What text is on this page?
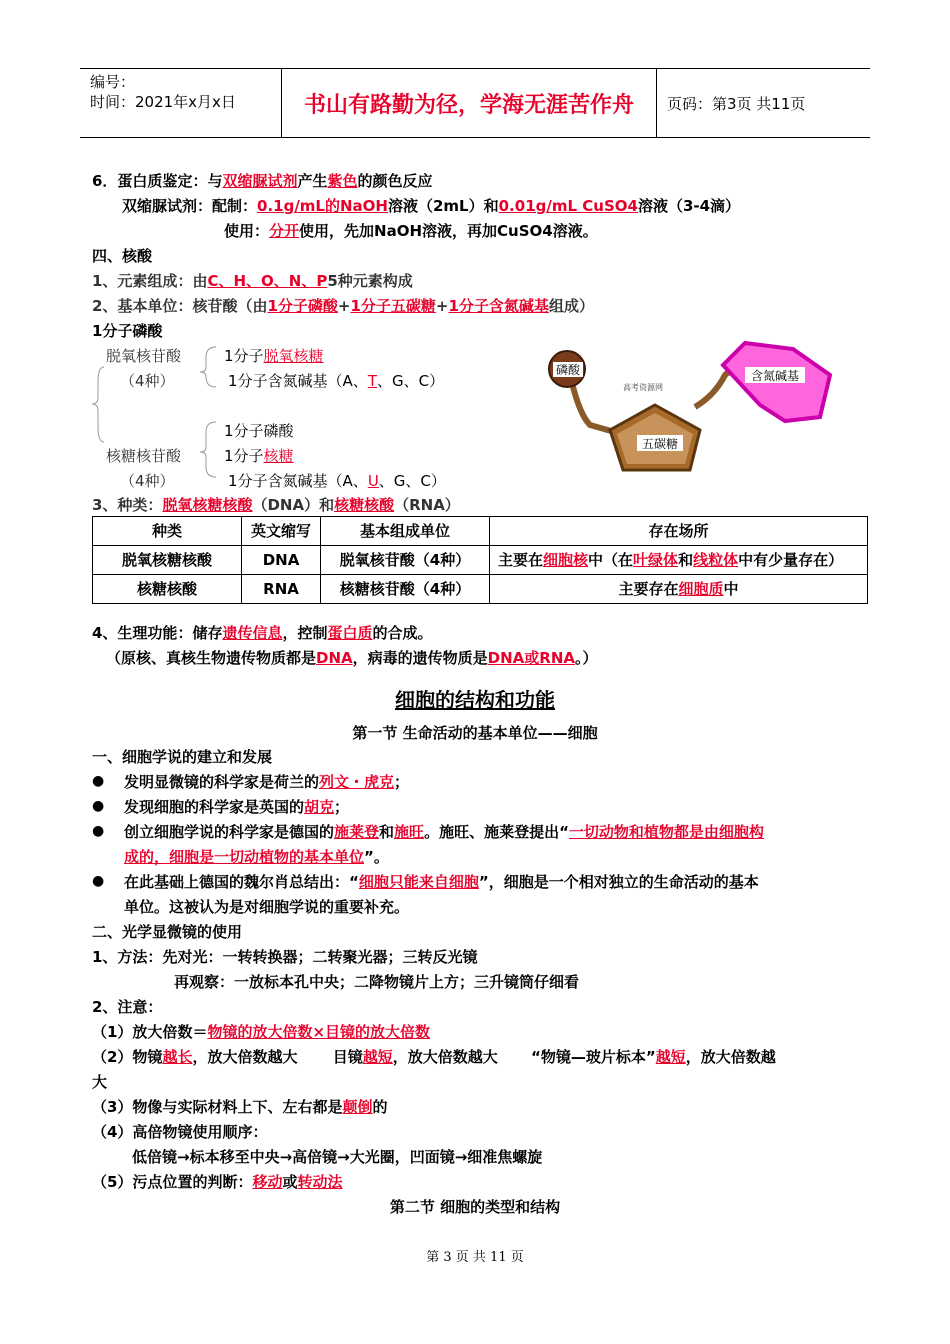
编号：
时间：2021年x月x日	书山有路勤为径，学海无涯苦作舟	页码：第3页 共11页
6．蛋白质鉴定：与双缩脲试剂产生紫色的颜色反应
双缩脲试剂：配制：0.1g/mL的NaOH溶液（2mL）和0.01g/mL CuSO4溶液（3-4滴）
使用：分开使用，先加NaOH溶液，再加CuSO4溶液。
四、核酸
1、元素组成：由C、H、O、N、P5种元素构成
2、基本单位：核苷酸（由1分子磷酸+1分子五碳糖+1分子含氮碱基组成）
1分子磷酸
脱氧核苷酸
（4种）
1分子脱氧核糖
1分子含氮碱基（A、T、G、C）
1分子磷酸
核糖核苷酸	1分子核糖
（4种）	1分子含氮碱基（A、U、G、C）
磷酸
五碳糖
含氮碱基
高考资源网
3、种类：脱氧核糖核酸（DNA）和核糖核酸（RNA）
种类	英文缩写	基本组成单位	存在场所
脱氧核糖核酸	DNA	脱氧核苷酸（4种）	主要在细胞核中（在叶绿体和线粒体中有少量存在）
核糖核酸	RNA	核糖核苷酸（4种）	主要存在细胞质中
4、生理功能：储存遗传信息，控制蛋白质的合成。
（原核、真核生物遗传物质都是DNA，病毒的遗传物质是DNA或RNA。）
细胞的结构和功能
第一节 生命活动的基本单位——细胞
一、细胞学说的建立和发展
● 发明显微镜的科学家是荷兰的列文・虎克；
● 发现细胞的科学家是英国的胡克；
● 创立细胞学说的科学家是德国的施莱登和施旺。施旺、施莱登提出“一切动物和植物都是由细胞构
成的，细胞是一切动植物的基本单位”。
● 在此基础上德国的魏尔肖总结出：“细胞只能来自细胞”，细胞是一个相对独立的生命活动的基本
单位。这被认为是对细胞学说的重要补充。
二、光学显微镜的使用
1、方法：先对光：一转转换器；二转聚光器；三转反光镜
再观察：一放标本孔中央；二降物镜片上方；三升镜筒仔细看
2、注意：
（1）放大倍数＝物镜的放大倍数×目镜的放大倍数
（2）物镜越长，放大倍数越大 目镜越短，放大倍数越大 “物镜—玻片标本”越短，放大倍数越
大
（3）物像与实际材料上下、左右都是颠倒的
（4）高倍物镜使用顺序：
低倍镜→标本移至中央→高倍镜→大光圈，凹面镜→细准焦螺旋
（5）污点位置的判断：移动或转动法
第二节 细胞的类型和结构
第 3 页 共 11 页
